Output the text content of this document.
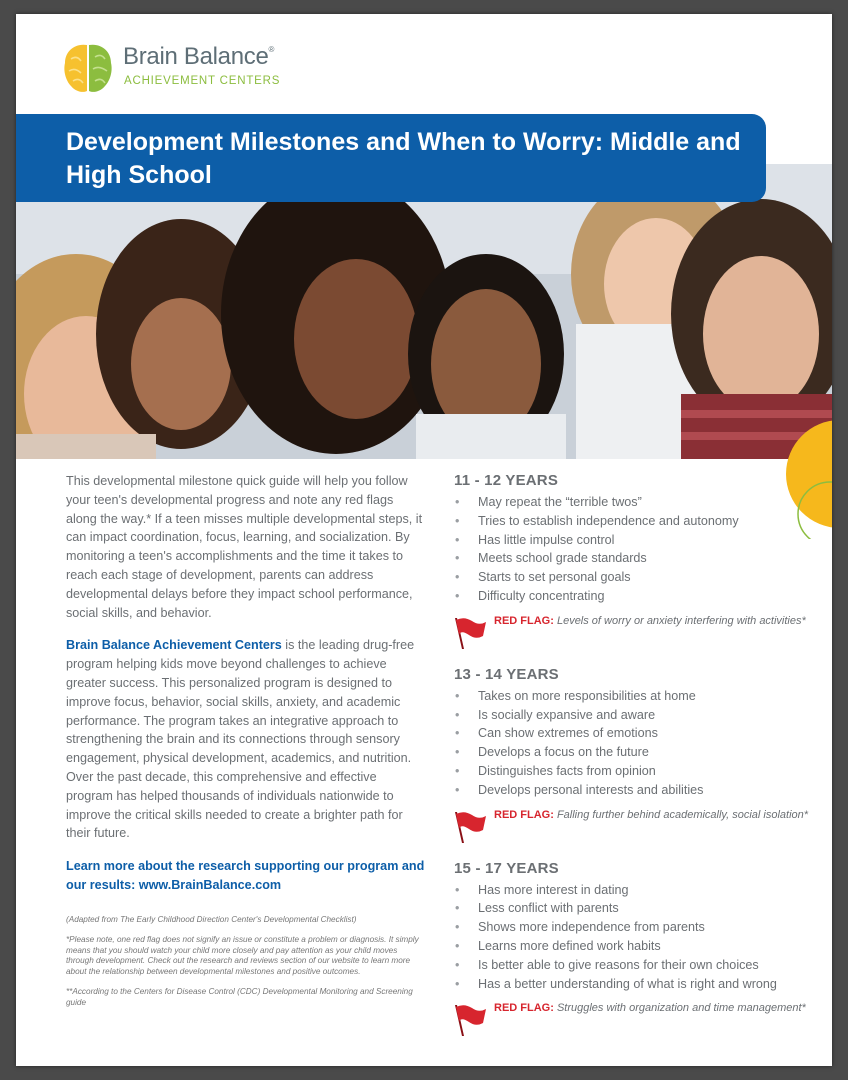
Brain Balance®
ACHIEVEMENT CENTERS
Development Milestones and When to Worry: Middle and High School

This developmental milestone quick guide will help you follow your teen's developmental progress and note any red flags along the way.* If a teen misses multiple developmental steps, it can impact coordination, focus, learning, and socialization. By monitoring a teen's accomplishments and the time it takes to reach each stage of development, parents can address developmental delays before they impact school performance, social skills, and behavior.

Brain Balance Achievement Centers is the leading drug-free program helping kids move beyond challenges to achieve greater success. This personalized program is designed to improve focus, behavior, social skills, anxiety, and academic performance. The program takes an integrative approach to strengthening the brain and its connections through sensory engagement, physical development, academics, and nutrition. Over the past decade, this comprehensive and effective program has helped thousands of individuals nationwide to improve the critical skills needed to create a brighter path for their future.

Learn more about the research supporting our program and our results: www.BrainBalance.com

(Adapted from The Early Childhood Direction Center's Developmental Checklist)

*Please note, one red flag does not signify an issue or constitute a problem or diagnosis. It simply means that you should watch your child more closely and pay attention as your child moves through development. Check out the research and reviews section of our website to learn more about the relationship between developmental milestones and positive outcomes.

**According to the Centers for Disease Control (CDC) Developmental Monitoring and Screening guide

11 - 12 YEARS
• May repeat the “terrible twos”
• Tries to establish independence and autonomy
• Has little impulse control
• Meets school grade standards
• Starts to set personal goals
• Difficulty concentrating
RED FLAG: Levels of worry or anxiety interfering with activities*
13 - 14 YEARS
• Takes on more responsibilities at home
• Is socially expansive and aware
• Can show extremes of emotions
• Develops a focus on the future
• Distinguishes facts from opinion
• Develops personal interests and abilities
RED FLAG: Falling further behind academically, social isolation*
15 - 17 YEARS
• Has more interest in dating
• Less conflict with parents
• Shows more independence from parents
• Learns more defined work habits
• Is better able to give reasons for their own choices
• Has a better understanding of what is right and wrong
RED FLAG: Struggles with organization and time management*
